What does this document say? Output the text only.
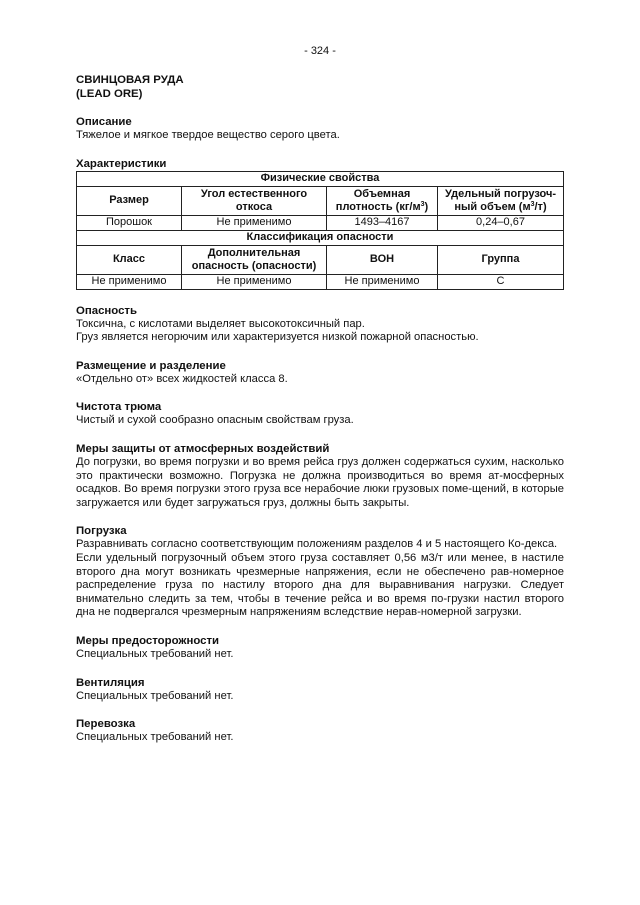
- 324 -
СВИНЦОВАЯ РУДА
(LEAD ORE)
Описание

Тяжелое и мягкое твердое вещество серого цвета.

Характеристики
Физические свойства			
Размер	Угол естественного откоса	Объемная плотность $(кг/м^3)$	Удельный погрузоч-ный объем $(м^3/т)$
Порошок	Не применимо	1493–4167	0,24–0,67
Классификация опасности			
Класс	Дополнительная опасность (опасности)	ВОН	Группа
Не применимо	Не применимо	Не применимо	С
Опасность

Токсична, с кислотами выделяет высокотоксичный пар.

Груз является негорючим или характеризуется низкой пожарной опасностью.

Размещение и разделение

«Отдельно от» всех жидкостей класса 8.

Чистота трюма

Чистый и сухой сообразно опасным свойствам груза.

Меры защиты от атмосферных воздействий

До погрузки, во время погрузки и во время рейса груз должен содержаться сухим, насколько это практически возможно. Погрузка не должна производиться во время ат-мосферных осадков. Во время погрузки этого груза все нерабочие люки грузовых поме-щений, в которые загружается или будет загружаться груз, должны быть закрыты.

Погрузка

Разравнивать согласно соответствующим положениям разделов 4 и 5 настоящего Ко-декса.

Если удельный погрузочный объем этого груза составляет 0,56 м3/т или менее, в настиле второго дна могут возникать чрезмерные напряжения, если не обеспечено рав-номерное распределение груза по настилу второго дна для выравнивания нагрузки. Следует внимательно следить за тем, чтобы в течение рейса и во время по-грузки настил второго дна не подвергался чрезмерным напряжениям вследствие нерав-номерной загрузки.

Меры предосторожности

Специальных требований нет.

Вентиляция

Специальных требований нет.

Перевозка

Специальных требований нет.
